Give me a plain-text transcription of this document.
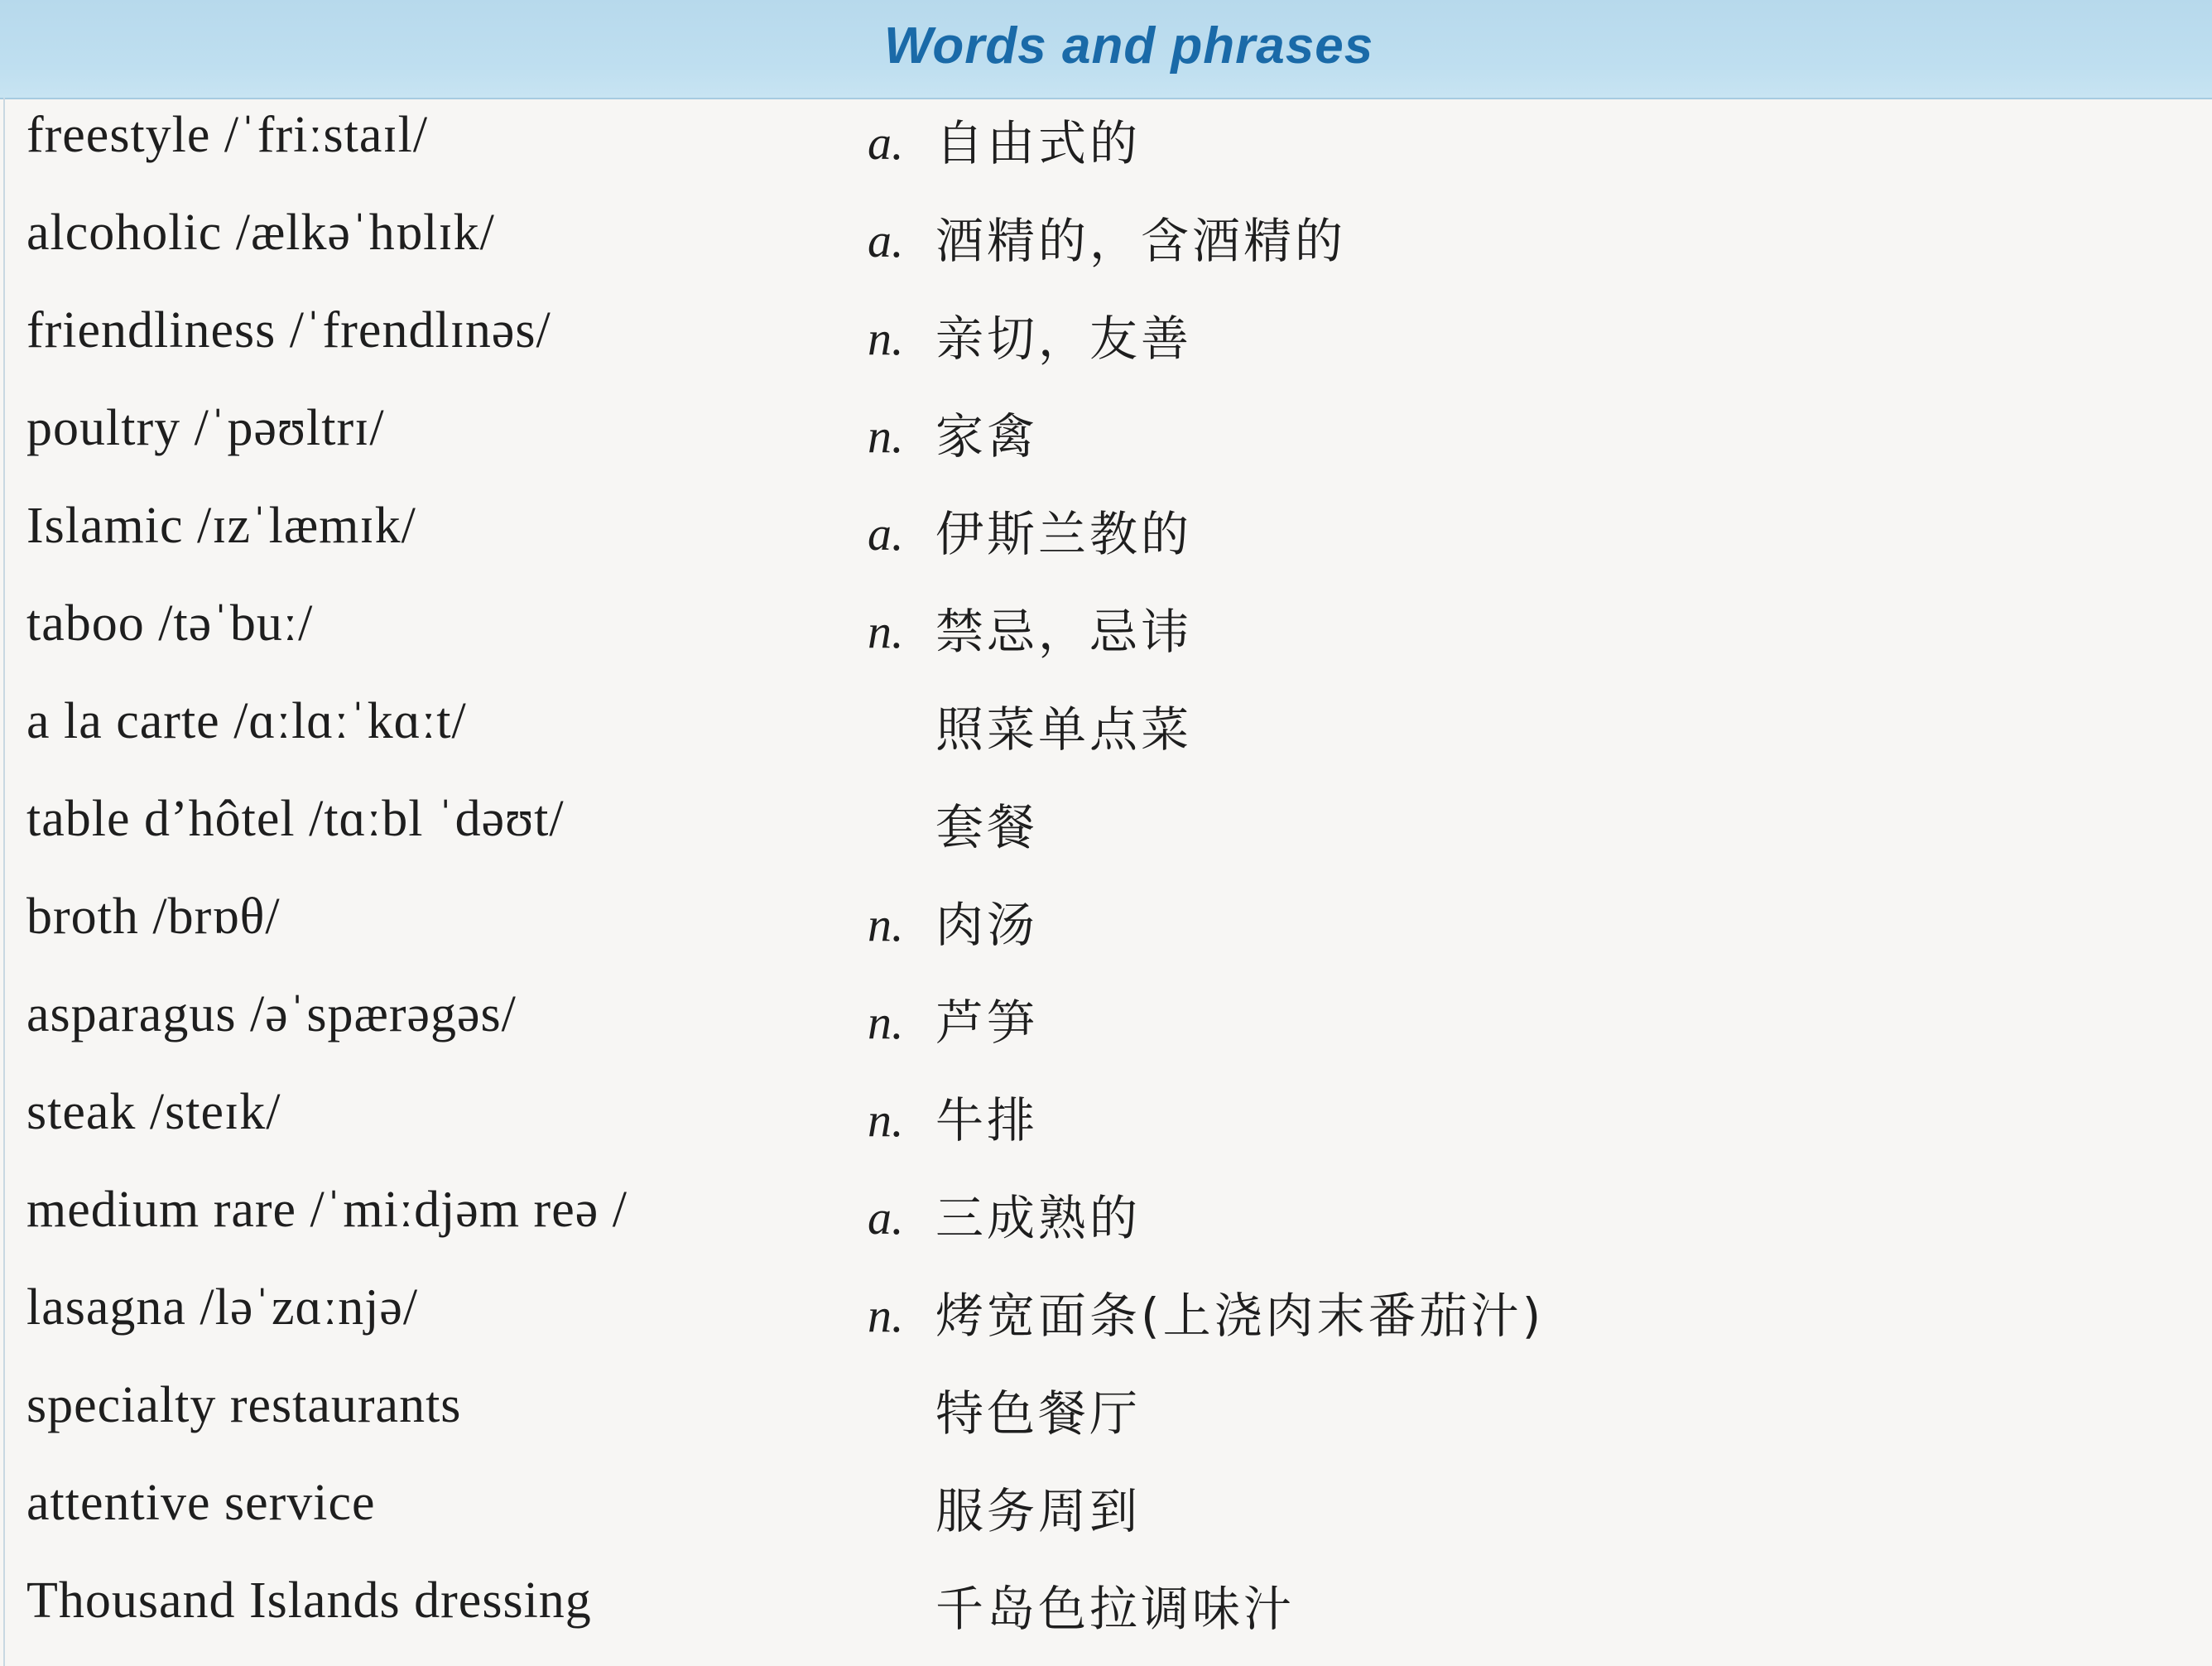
Words and phrases
freestyle /ˈfriːstaɪl/	a. 自由式的
alcoholic /ælkəˈhɒlɪk/	a. 酒精的，含酒精的
friendliness /ˈfrendlɪnəs/	n. 亲切，友善
poultry /ˈpəʊltrɪ/	n. 家禽
Islamic /ɪzˈlæmɪk/	a. 伊斯兰教的
taboo /təˈbuː/	n. 禁忌，忌讳
a la carte /ɑːlɑːˈkɑːt/	照菜单点菜
table d’hôtel /tɑːbl ˈdəʊt/	套餐
broth /brɒθ/	n. 肉汤
asparagus /əˈspærəgəs/	n. 芦笋
steak /steɪk/	n. 牛排
medium rare /ˈmiːdjəm reə /	a. 三成熟的
lasagna /ləˈzɑːnjə/	n. 烤宽面条(上浇肉末番茄汁)
specialty restaurants	特色餐厅
attentive service	服务周到
Thousand Islands dressing	千岛色拉调味汁
